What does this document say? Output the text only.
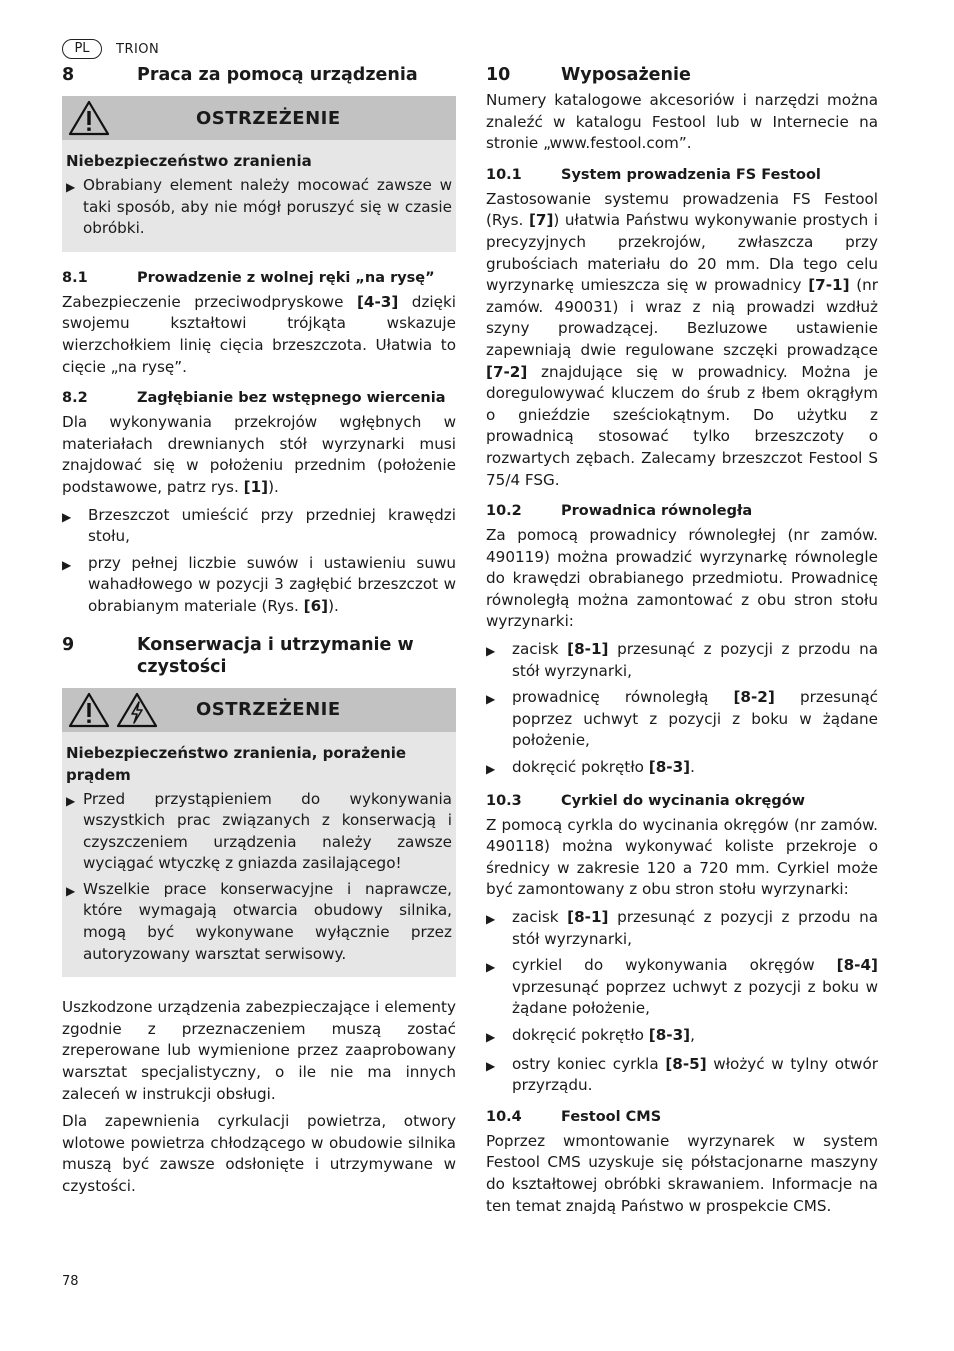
PL	TRION
8	Praca za pomocą urządzenia
OSTRZEŻENIE
Niebezpieczeństwo zranienia
▶ Obrabiany element należy mocować zawsze w taki sposób, aby nie mógł poruszyć się w czasie obróbki.
8.1	Prowadzenie z wolnej ręki „na rysę”

Zabezpieczenie przeciwodpryskowe [4-3] dzięki swojemu kształtowi trójkąta wskazuje wierzchołkiem linię cięcia brzeszczota. Ułatwia to cięcie „na rysę”.

8.2	Zagłębianie bez wstępnego wiercenia

Dla wykonywania przekrojów wgłębnych w materiałach drewnianych stół wyrzynarki musi znajdować się w położeniu przednim (położenie podstawowe, patrz rys. [1]).

▶	Brzeszczot umieścić przy przedniej krawędzi stołu,
▶	przy pełnej liczbie suwów i ustawieniu suwu wahadłowego w pozycji 3 zagłębić brzeszczot w obrabianym materiale (Rys. [6]).
9	Konserwacja i utrzymanie w czystości
OSTRZEŻENIE
Niebezpieczeństwo zranienia, porażenie prądem
▶ Przed przystąpieniem do wykonywania wszystkich prac związanych z konserwacją i czyszczeniem urządzenia należy zawsze wyciągać wtyczkę z gniazda zasilającego!
▶ Wszelkie prace konserwacyjne i naprawcze, które wymagają otwarcia obudowy silnika, mogą być wykonywane wyłącznie przez autoryzowany warsztat serwisowy.

Uszkodzone urządzenia zabezpieczające i elementy zgodnie z przeznaczeniem muszą zostać zreperowane lub wymienione przez zaaprobowany warsztat specjalistyczny, o ile nie ma innych zaleceń w instrukcji obsługi.

Dla zapewnienia cyrkulacji powietrza, otwory wlotowe powietrza chłodzącego w obudowie silnika muszą być zawsze odsłonięte i utrzymywane w czystości.

10	Wyposażenie

Numery katalogowe akcesoriów i narzędzi można znaleźć w katalogu Festool lub w Internecie na stronie „www.festool.com”.

10.1	System prowadzenia FS Festool

Zastosowanie systemu prowadzenia FS Festool (Rys. [7]) ułatwia Państwu wykonywanie prostych i precyzyjnych przekrojów, zwłaszcza przy grubościach materiału do 20 mm. Dla tego celu wyrzynarkę umieszcza się w prowadnicy [7-1] (nr zamów. 490031) i wraz z nią prowadzi wzdłuż szyny prowadzącej. Bezluzowe ustawienie zapewniają dwie regulowane szczęki prowadzące [7-2] znajdujące się w prowadnicy. Można je doregulowywać kluczem do śrub z łbem okrągłym o gnieździe sześciokątnym. Do użytku z prowadnicą stosować tylko brzeszczoty o rozwartych zębach. Zalecamy brzeszczot Festool S 75/4 FSG.

10.2	Prowadnica równoległa

Za pomocą prowadnicy równoległej (nr zamów. 490119) można prowadzić wyrzynarkę równolegle do krawędzi obrabianego przedmiotu. Prowadnicę równoległą można zamontować z obu stron stołu wyrzynarki:

▶	zacisk [8-1] przesunąć z pozycji z przodu na stół wyrzynarki,
▶	prowadnicę równoległą [8-2] przesunąć poprzez uchwyt z pozycji z boku w żądane położenie,
▶	dokręcić pokrętło [8-3].
10.3	Cyrkiel do wycinania okręgów

Z pomocą cyrkla do wycinania okręgów (nr zamów. 490118) można wykonywać koliste przekroje o średnicy w zakresie 120 a 720 mm. Cyrkiel może być zamontowany z obu stron stołu wyrzynarki:

▶	zacisk [8-1] przesunąć z pozycji z przodu na stół wyrzynarki,
▶	cyrkiel do wykonywania okręgów [8-4] vprzesunąć poprzez uchwyt z pozycji z boku w żądane położenie,
▶	dokręcić pokrętło [8-3],
▶	ostry koniec cyrkla [8-5] włożyć w tylny otwór przyrządu.
10.4	Festool CMS

Poprzez wmontowanie wyrzynarek w system Festool CMS uzyskuje się półstacjonarne maszyny do kształtowej obróbki skrawaniem. Informacje na ten temat znajdą Państwo w prospekcie CMS.

78
